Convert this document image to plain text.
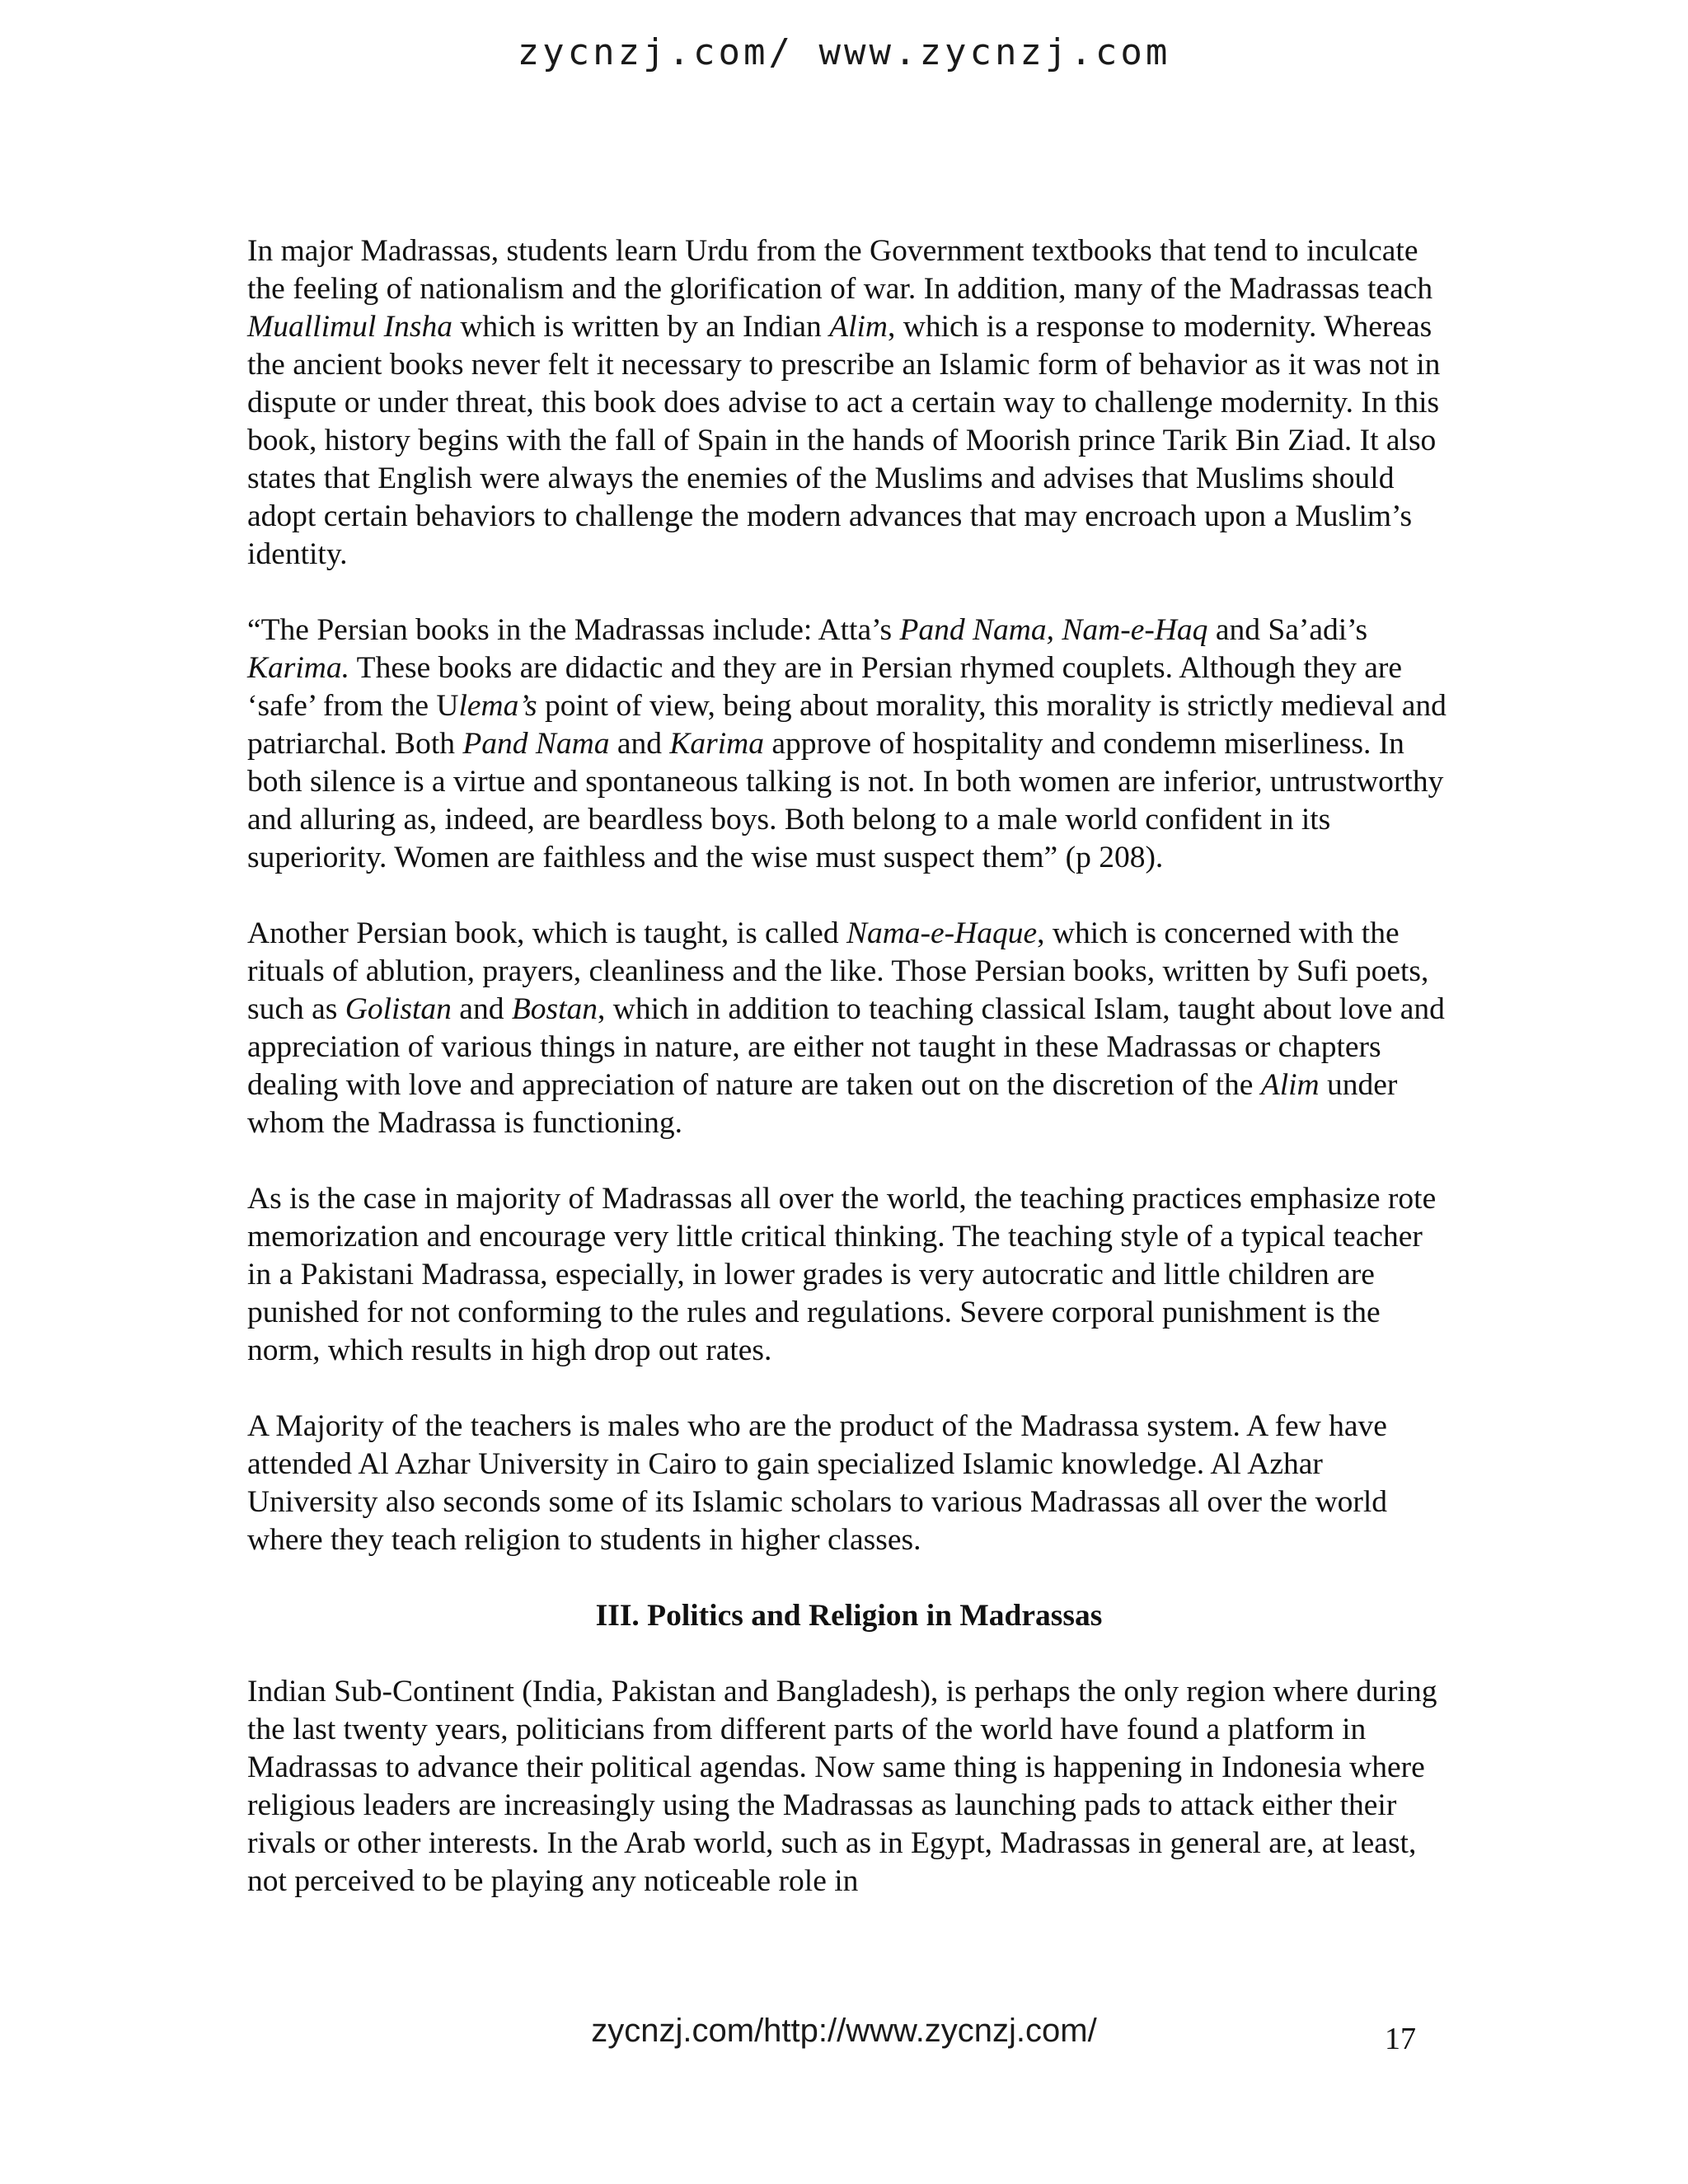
zycnzj.com/ www.zycnzj.com

In major Madrassas, students learn Urdu from the Government textbooks that tend to inculcate the feeling of nationalism and the glorification of war. In addition, many of the Madrassas teach Muallimul Insha which is written by an Indian Alim, which is a response to modernity. Whereas the ancient books never felt it necessary to prescribe an Islamic form of behavior as it was not in dispute or under threat, this book does advise to act a certain way to challenge modernity. In this book, history begins with the fall of Spain in the hands of Moorish prince Tarik Bin Ziad. It also states that English were always the enemies of the Muslims and advises that Muslims should adopt certain behaviors to challenge the modern advances that may encroach upon a Muslim’s identity.

“The Persian books in the Madrassas include: Atta’s Pand Nama, Nam-e-Haq and Sa’adi’s Karima. These books are didactic and they are in Persian rhymed couplets. Although they are ‘safe’ from the Ulema’s point of view, being about morality, this morality is strictly medieval and patriarchal. Both Pand Nama and Karima approve of hospitality and condemn miserliness. In both silence is a virtue and spontaneous talking is not. In both women are inferior, untrustworthy and alluring as, indeed, are beardless boys. Both belong to a male world confident in its superiority. Women are faithless and the wise must suspect them” (p 208).

Another Persian book, which is taught, is called Nama-e-Haque, which is concerned with the rituals of ablution, prayers, cleanliness and the like. Those Persian books, written by Sufi poets, such as Golistan and Bostan, which in addition to teaching classical Islam, taught about love and appreciation of various things in nature, are either not taught in these Madrassas or chapters dealing with love and appreciation of nature are taken out on the discretion of the Alim under whom the Madrassa is functioning.

As is the case in majority of Madrassas all over the world, the teaching practices emphasize rote memorization and encourage very little critical thinking. The teaching style of a typical teacher in a Pakistani Madrassa, especially, in lower grades is very autocratic and little children are punished for not conforming to the rules and regulations. Severe corporal punishment is the norm, which results in high drop out rates.

A Majority of the teachers is males who are the product of the Madrassa system. A few have attended Al Azhar University in Cairo to gain specialized Islamic knowledge. Al Azhar University also seconds some of its Islamic scholars to various Madrassas all over the world where they teach religion to students in higher classes.

III. Politics and Religion in Madrassas

Indian Sub-Continent (India, Pakistan and Bangladesh), is perhaps the only region where during the last twenty years, politicians from different parts of the world have found a platform in Madrassas to advance their political agendas. Now same thing is happening in Indonesia where religious leaders are increasingly using the Madrassas as launching pads to attack either their rivals or other interests. In the Arab world, such as in Egypt, Madrassas in general are, at least, not perceived to be playing any noticeable role in

zycnzj.com/http://www.zycnzj.com/	17
